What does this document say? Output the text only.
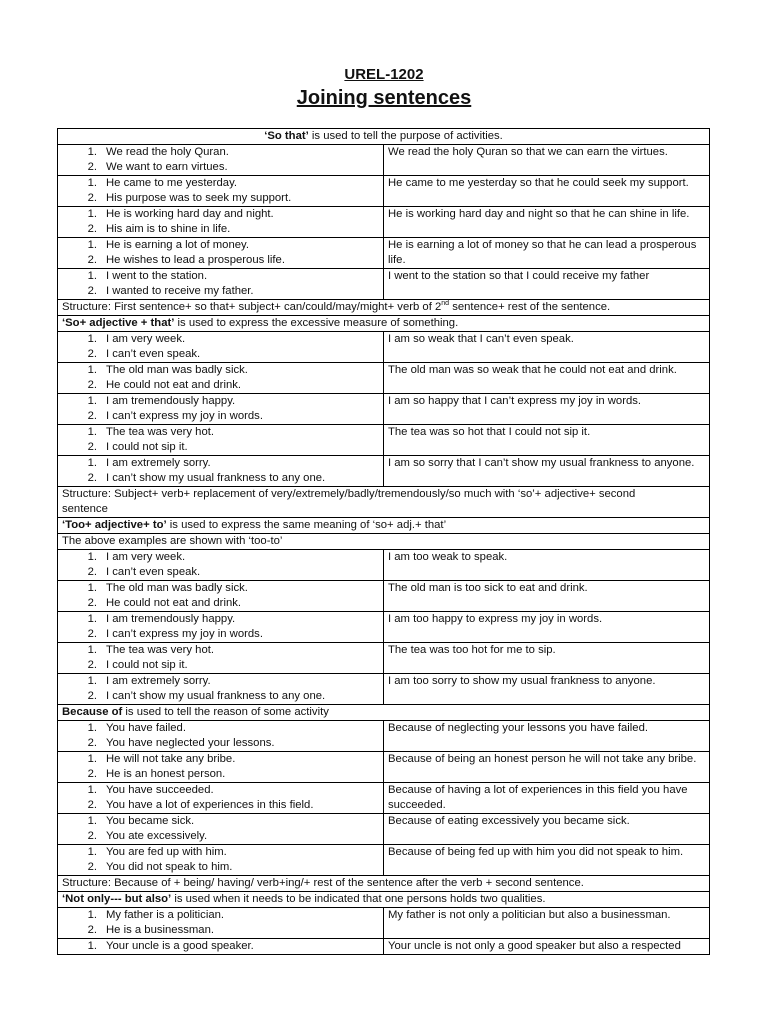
UREL-1202
Joining sentences
‘So that’ is used to tell the purpose of activities.	

1. We read the holy Quran.
2. We want to earn virtues.	We read the holy Quran so that we can earn the virtues.

1. He came to me yesterday.
2. His purpose was to seek my support.	He came to me yesterday so that he could seek my support.

1. He is working hard day and night.
2. His aim is to shine in life.	He is working hard day and night so that he can shine in life.

1. He is earning a lot of money.
2. He wishes to lead a prosperous life.	He is earning a lot of money so that he can lead a prosperous life.

1. I went to the station.
2. I wanted to receive my father.	I went to the station so that I could receive my father
Structure: First sentence+ so that+ subject+ can/could/may/might+ verb of 2nd sentence+ rest of the sentence.	
‘So+ adjective + that’ is used to express the excessive measure of something.	

1. I am very week.
2. I can’t even speak.	I am so weak that I can’t even speak.

1. The old man was badly sick.
2. He could not eat and drink.	The old man was so weak that he could not eat and drink.

1. I am tremendously happy.
2. I can’t express my joy in words.	I am so happy that I can’t express my joy in words.

1. The tea was very hot.
2. I could not sip it.	The tea was so hot that I could not sip it.

1. I am extremely sorry.
2. I can’t show my usual frankness to any one.	I am so sorry that I can’t show my usual frankness to anyone.

Structure: Subject+ verb+ replacement of very/extremely/badly/tremendously/so much with ‘so’+ adjective+ second
sentence	

‘Too+ adjective+ to’ is used to express the same meaning of ‘so+ adj.+ that’	
The above examples are shown with ‘too-to’	

1. I am very week.
2. I can’t even speak.	I am too weak to speak.

1. The old man was badly sick.
2. He could not eat and drink.	The old man is too sick to eat and drink.

1. I am tremendously happy.
2. I can’t express my joy in words.	I am too happy to express my joy in words.

1. The tea was very hot.
2. I could not sip it.	The tea was too hot for me to sip.

1. I am extremely sorry.
2. I can’t show my usual frankness to any one.	I am too sorry to show my usual frankness to anyone.
Because of is used to tell the reason of some activity	

1. You have failed.
2. You have neglected your lessons.	Because of neglecting your lessons you have failed.

1. He will not take any bribe.
2. He is an honest person.	Because of being an honest person he will not take any bribe.

1. You have succeeded.
2. You have a lot of experiences in this field.	Because of having a lot of experiences in this field you have succeeded.

1. You became sick.
2. You ate excessively.	Because of eating excessively you became sick.

1. You are fed up with him.
2. You did not speak to him.	Because of being fed up with him you did not speak to him.
Structure: Because of + being/ having/ verb+ing/+ rest of the sentence after the verb + second sentence.	
‘Not only--- but also’ is used when it needs to be indicated that one persons holds two qualities.	

1. My father is a politician.
2. He is a businessman.	My father is not only a politician but also a businessman.

1. Your uncle is a good speaker.	Your uncle is not only a good speaker but also a respected
